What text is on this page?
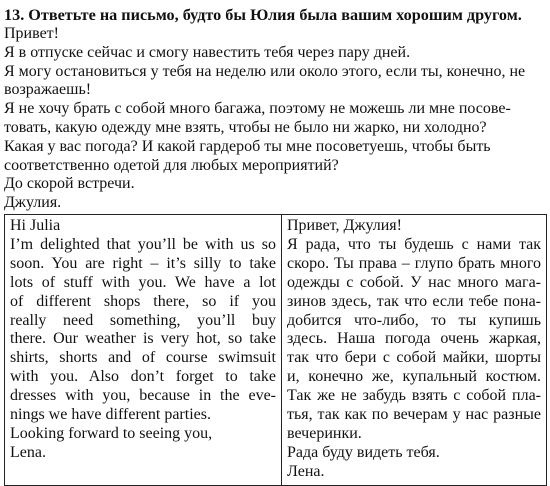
13. Ответьте на письмо, будто бы Юлия была вашим хорошим другом.
Привет!
Я в отпуске сейчас и смогу навестить тебя через пару дней.
Я могу остановиться у тебя на неделю или около этого, если ты, конечно, не
возражаешь!
Я не хочу брать с собой много багажа, поэтому не можешь ли мне посове-
товать, какую одежду мне взять, чтобы не было ни жарко, ни холодно?
Какая у вас погода? И какой гардероб ты мне посоветуешь, чтобы быть
соответственно одетой для любых мероприятий?
До скорой встречи.
Джулия.
Hi Julia
I’m delighted that you’ll be with us so
soon. You are right – it’s silly to take
lots of stuff with you. We have a lot
of different shops there, so if you
really need something, you’ll buy
there. Our weather is very hot, so take
shirts, shorts and of course swimsuit
with you. Also don’t forget to take
dresses with you, because in the eve-
nings we have different parties.
Looking forward to seeing you,
Lena.

Привет, Джулия!
Я рада, что ты будешь с нами так
скоро. Ты права – глупо брать много
одежды с собой. У нас много мага-
зинов здесь, так что если тебе пона-
добится что-либо, то ты купишь
здесь. Наша погода очень жаркая,
так что бери с собой майки, шорты
и, конечно же, купальный костюм.
Так же не забудь взять с собой пла-
тья, так как по вечерам у нас разные
вечеринки.
Рада буду видеть тебя.
Лена.
